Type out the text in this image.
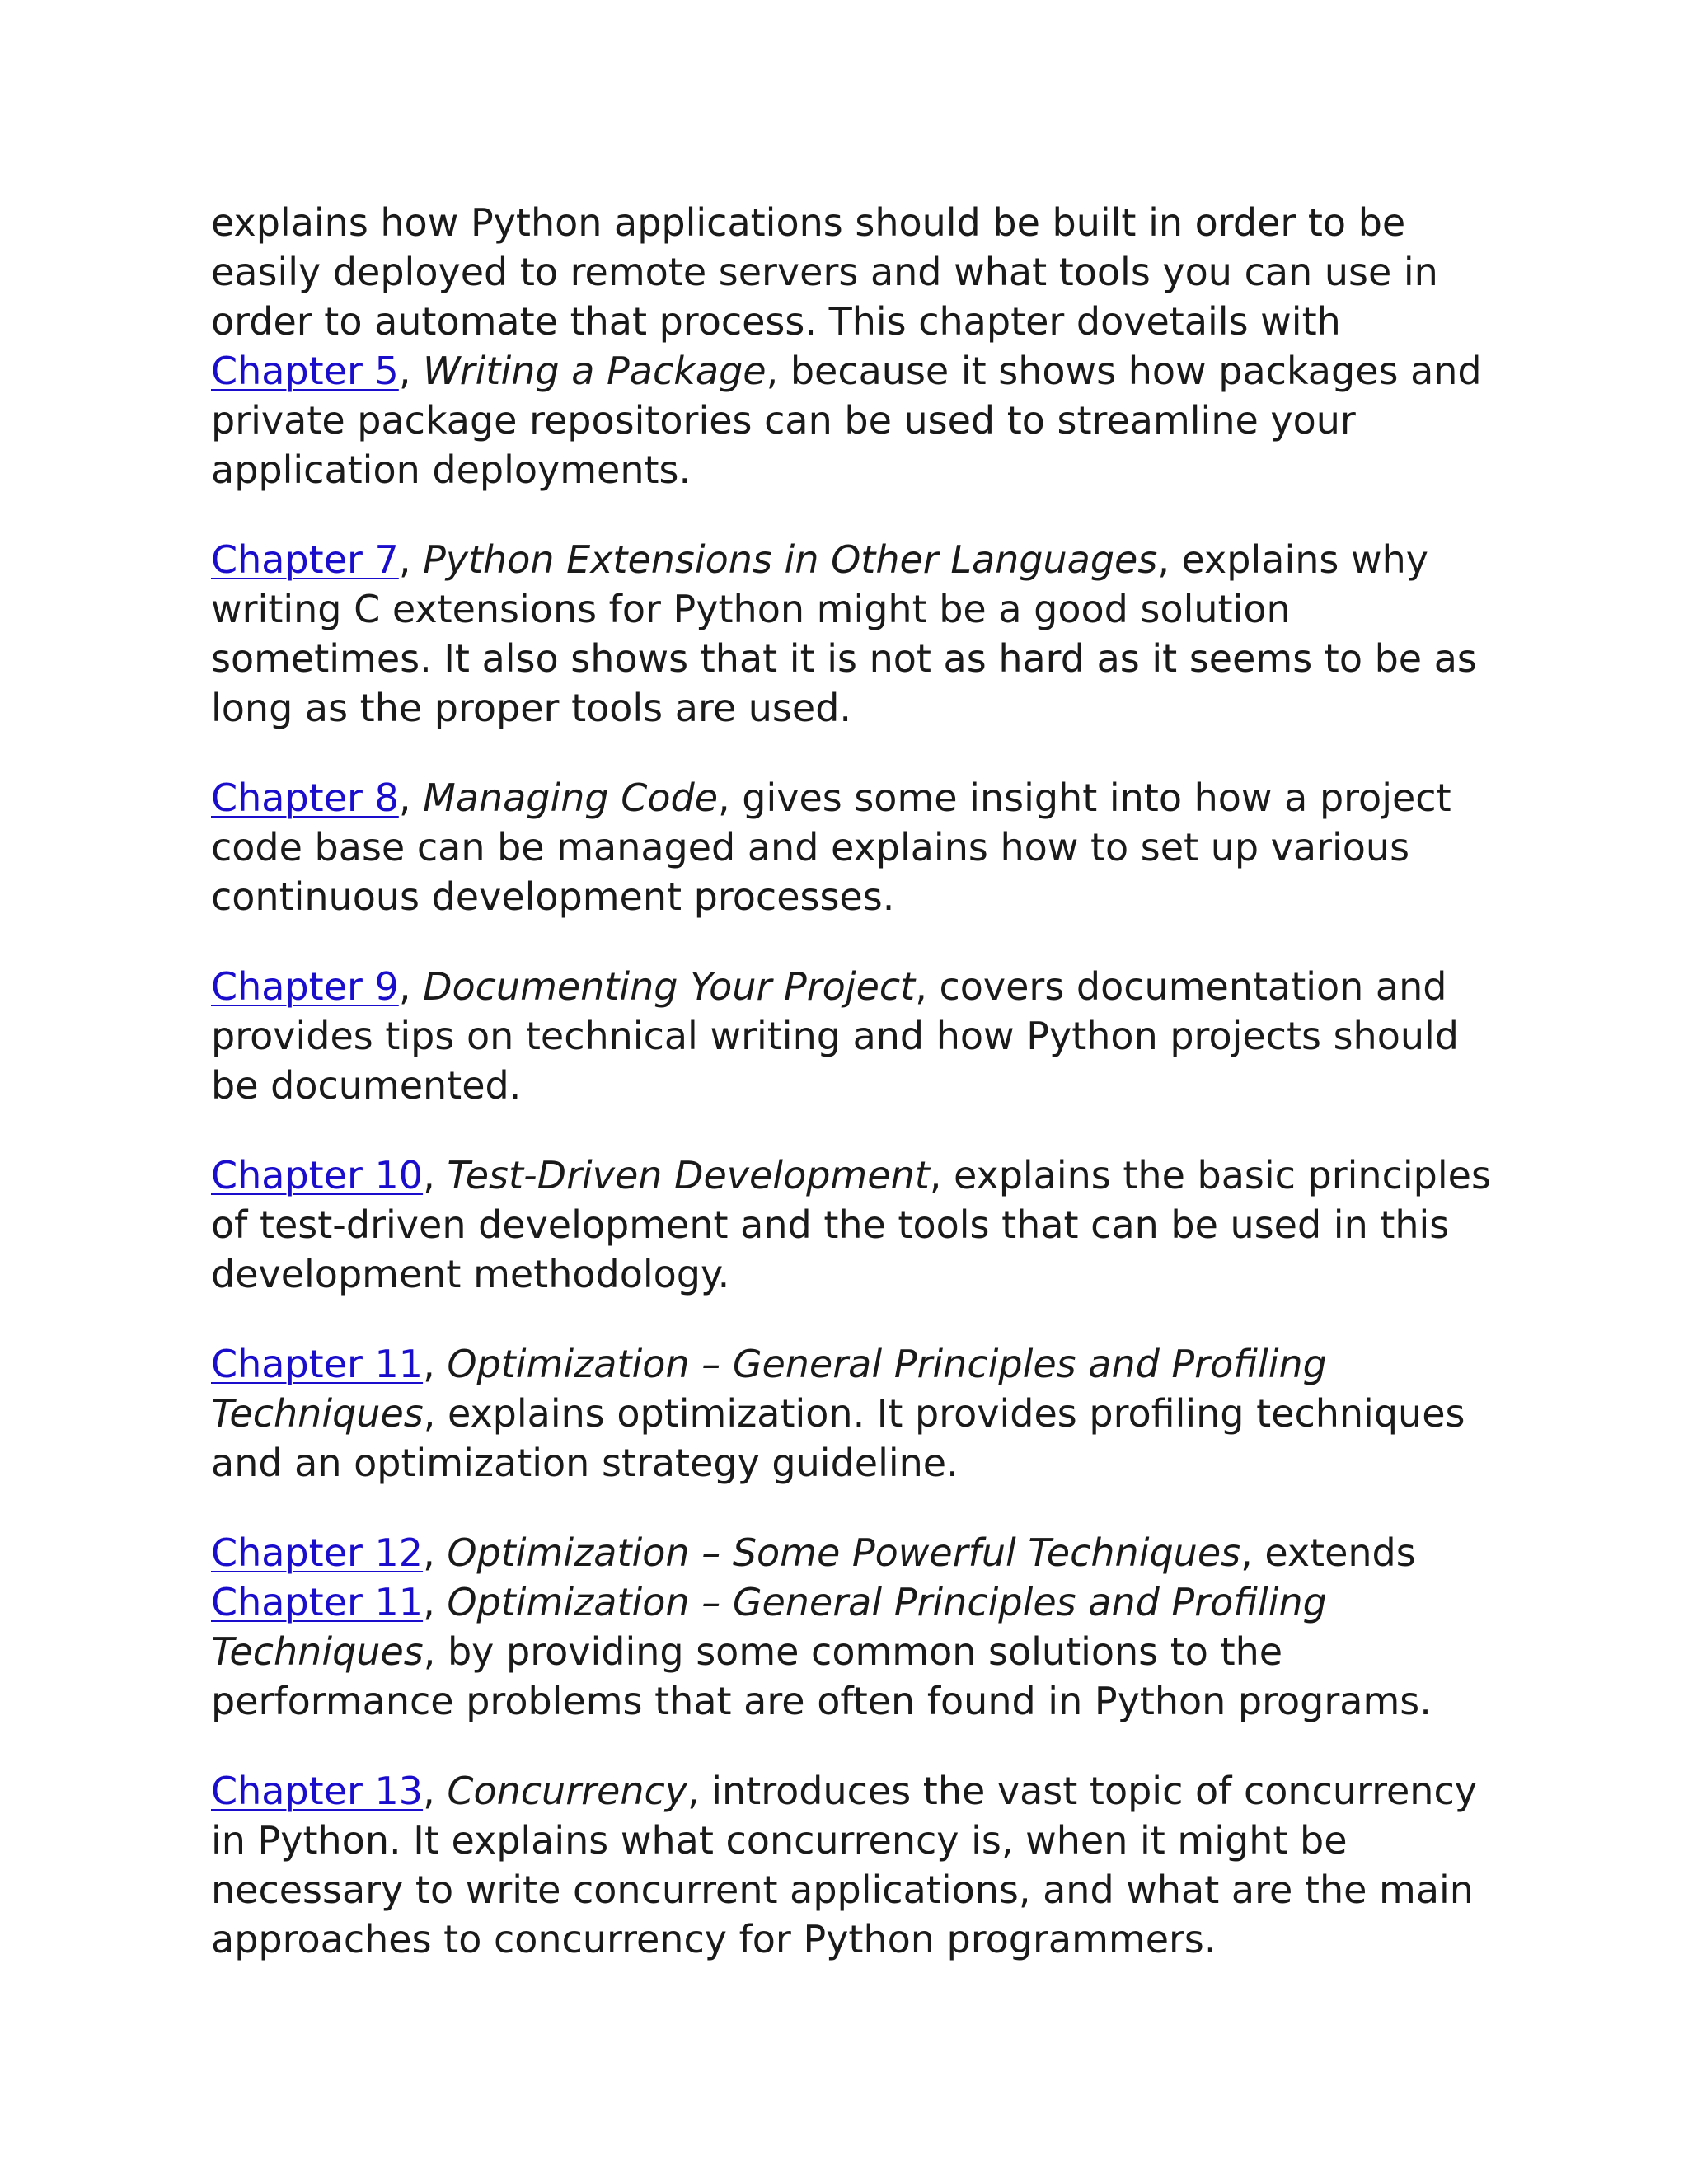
explains how Python applications should be built in order to be easily deployed to remote servers and what tools you can use in order to automate that process. This chapter dovetails with Chapter 5, Writing a Package, because it shows how packages and private package repositories can be used to streamline your application deployments.

Chapter 7, Python Extensions in Other Languages, explains why writing C extensions for Python might be a good solution sometimes. It also shows that it is not as hard as it seems to be as long as the proper tools are used.

Chapter 8, Managing Code, gives some insight into how a project code base can be managed and explains how to set up various continuous development processes.

Chapter 9, Documenting Your Project, covers documentation and provides tips on technical writing and how Python projects should be documented.

Chapter 10, Test-Driven Development, explains the basic principles of test-driven development and the tools that can be used in this development methodology.

Chapter 11, Optimization – General Principles and Profiling Techniques, explains optimization. It provides profiling techniques and an optimization strategy guideline.

Chapter 12, Optimization – Some Powerful Techniques, extends Chapter 11, Optimization – General Principles and Profiling Techniques, by providing some common solutions to the performance problems that are often found in Python programs.

Chapter 13, Concurrency, introduces the vast topic of concurrency in Python. It explains what concurrency is, when it might be necessary to write concurrent applications, and what are the main approaches to concurrency for Python programmers.
